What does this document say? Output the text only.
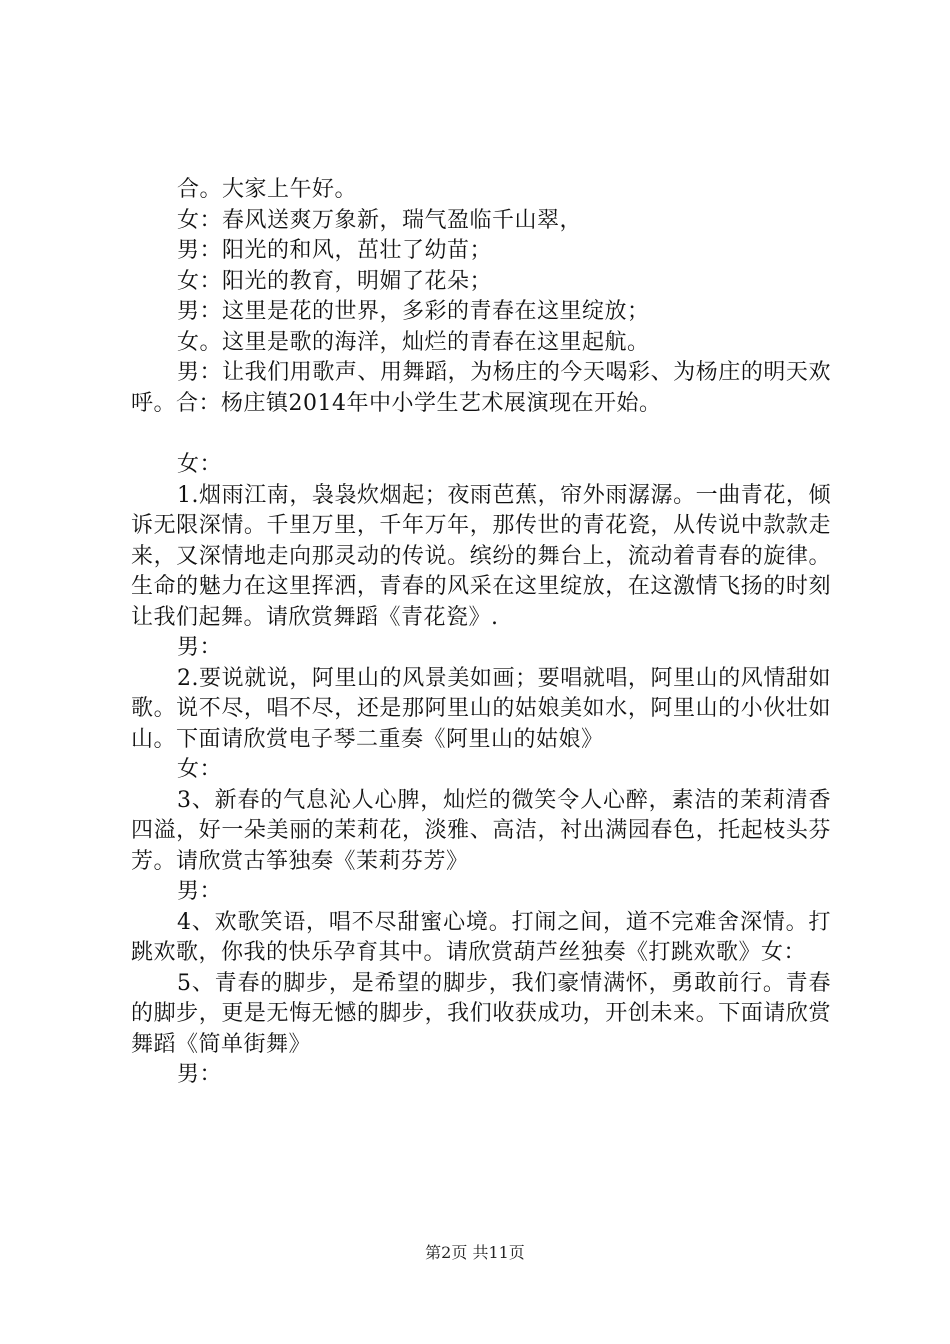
合。大家上午好。

女：春风送爽万象新，瑞气盈临千山翠，

男：阳光的和风，茁壮了幼苗；

女：阳光的教育，明媚了花朵；

男：这里是花的世界，多彩的青春在这里绽放；

女。这里是歌的海洋，灿烂的青春在这里起航。

男：让我们用歌声、用舞蹈，为杨庄的今天喝彩、为杨庄的明天欢呼。合：杨庄镇2014年中小学生艺术展演现在开始。

女：

1.烟雨江南，袅袅炊烟起；夜雨芭蕉，帘外雨潺潺。一曲青花，倾诉无限深情。千里万里，千年万年，那传世的青花瓷，从传说中款款走来，又深情地走向那灵动的传说。缤纷的舞台上，流动着青春的旋律。生命的魅力在这里挥洒，青春的风采在这里绽放，在这激情飞扬的时刻让我们起舞。请欣赏舞蹈《青花瓷》.

男：

2.要说就说，阿里山的风景美如画；要唱就唱，阿里山的风情甜如歌。说不尽，唱不尽，还是那阿里山的姑娘美如水，阿里山的小伙壮如山。下面请欣赏电子琴二重奏《阿里山的姑娘》

女：

3、新春的气息沁人心脾，灿烂的微笑令人心醉，素洁的茉莉清香四溢，好一朵美丽的茉莉花，淡雅、高洁，衬出满园春色，托起枝头芬芳。请欣赏古筝独奏《茉莉芬芳》

男：

4、欢歌笑语，唱不尽甜蜜心境。打闹之间，道不完难舍深情。打跳欢歌，你我的快乐孕育其中。请欣赏葫芦丝独奏《打跳欢歌》女：

5、青春的脚步，是希望的脚步，我们豪情满怀，勇敢前行。青春的脚步，更是无悔无憾的脚步，我们收获成功，开创未来。下面请欣赏舞蹈《简单街舞》

男：

第2页 共11页
